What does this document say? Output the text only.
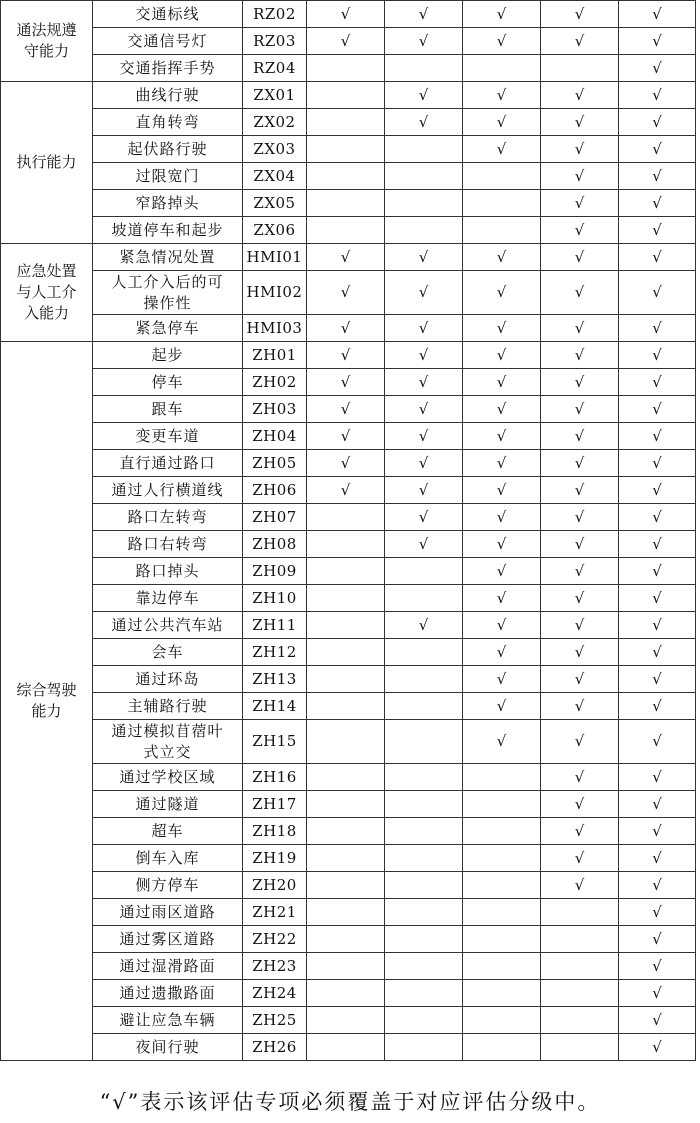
通法规遵
守能力	交通标线	RZ02	√	√	√	√	√
	交通信号灯	RZ03	√	√	√	√	√
	交通指挥手势	RZ04					√

执行能力	曲线行驶	ZX01		√	√	√	√
	直角转弯	ZX02		√	√	√	√
	起伏路行驶	ZX03			√	√	√
	过限宽门	ZX04				√	√
	窄路掉头	ZX05				√	√
	坡道停车和起步	ZX06				√	√

应急处置
与人工介
入能力	紧急情况处置	HMI01	√	√	√	√	√

	人工介入后的可
操作性	HMI02	√	√	√	√	√
	紧急停车	HMI03	√	√	√	√	√

综合驾驶
能力	起步	ZH01	√	√	√	√	√
	停车	ZH02	√	√	√	√	√
	跟车	ZH03	√	√	√	√	√
	变更车道	ZH04	√	√	√	√	√
	直行通过路口	ZH05	√	√	√	√	√
	通过人行横道线	ZH06	√	√	√	√	√
	路口左转弯	ZH07		√	√	√	√
	路口右转弯	ZH08		√	√	√	√
	路口掉头	ZH09			√	√	√
	靠边停车	ZH10			√	√	√
	通过公共汽车站	ZH11		√	√	√	√
	会车	ZH12			√	√	√
	通过环岛	ZH13			√	√	√
	主辅路行驶	ZH14			√	√	√

	通过模拟苜蓿叶
式立交	ZH15			√	√	√
	通过学校区域	ZH16				√	√
	通过隧道	ZH17				√	√
	超车	ZH18				√	√
	倒车入库	ZH19				√	√
	侧方停车	ZH20				√	√
	通过雨区道路	ZH21					√
	通过雾区道路	ZH22					√
	通过湿滑路面	ZH23					√
	通过遗撒路面	ZH24					√
	避让应急车辆	ZH25					√
	夜间行驶	ZH26					√
“√”表示该评估专项必须覆盖于对应评估分级中。
